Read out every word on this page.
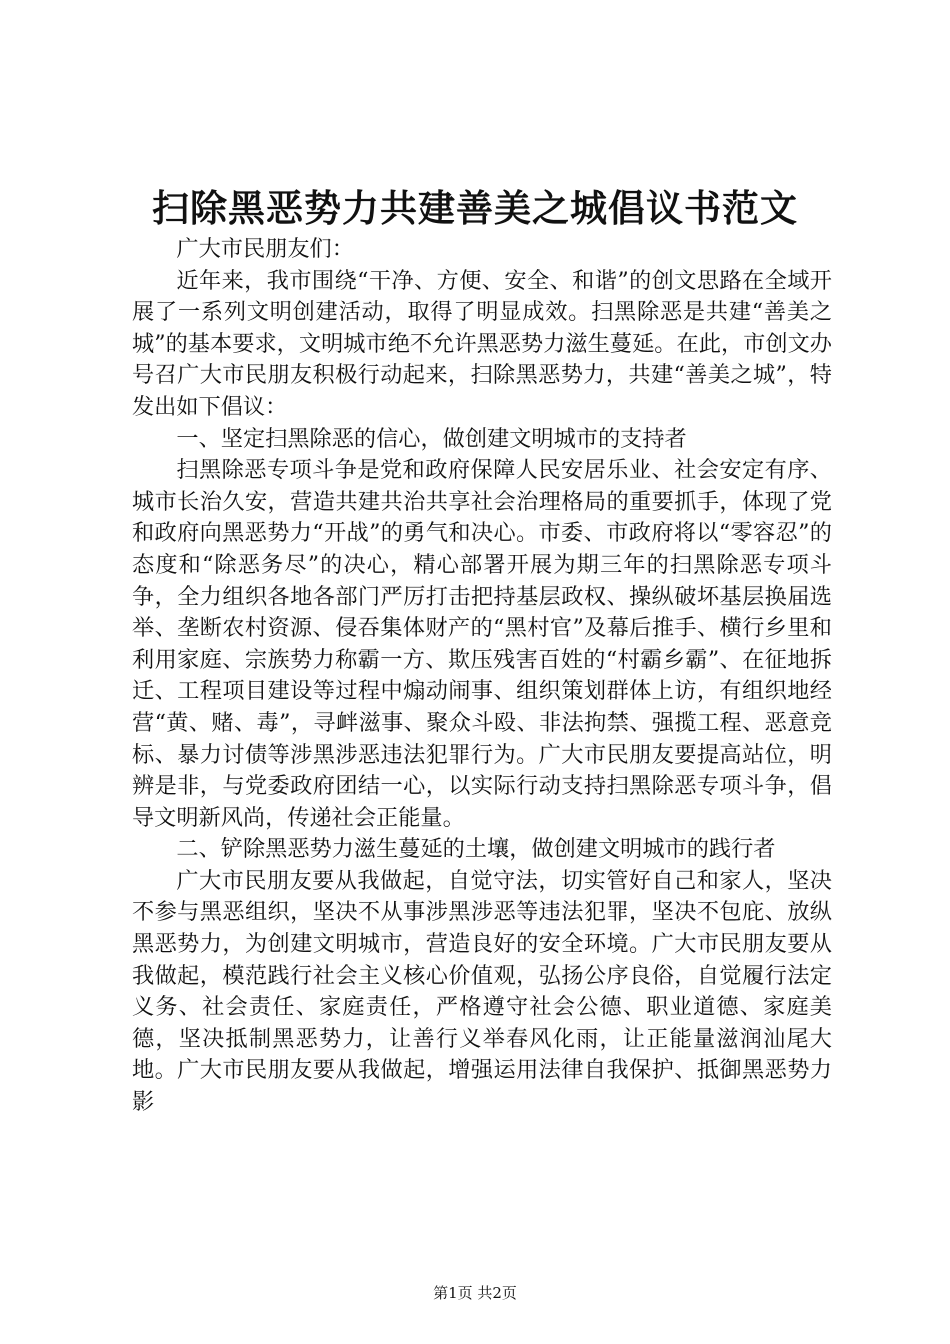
扫除黑恶势力共建善美之城倡议书范文

广大市民朋友们：

近年来，我市围绕“干净、方便、安全、和谐”的创文思路在全域开展了一系列文明创建活动，取得了明显成效。扫黑除恶是共建“善美之城”的基本要求，文明城市绝不允许黑恶势力滋生蔓延。在此，市创文办号召广大市民朋友积极行动起来，扫除黑恶势力，共建“善美之城”，特发出如下倡议：

一、坚定扫黑除恶的信心，做创建文明城市的支持者

扫黑除恶专项斗争是党和政府保障人民安居乐业、社会安定有序、城市长治久安，营造共建共治共享社会治理格局的重要抓手，体现了党和政府向黑恶势力“开战”的勇气和决心。市委、市政府将以“零容忍”的态度和“除恶务尽”的决心，精心部署开展为期三年的扫黑除恶专项斗争，全力组织各地各部门严厉打击把持基层政权、操纵破坏基层换届选举、垄断农村资源、侵吞集体财产的“黑村官”及幕后推手、横行乡里和利用家庭、宗族势力称霸一方、欺压残害百姓的“村霸乡霸”、在征地拆迁、工程项目建设等过程中煽动闹事、组织策划群体上访，有组织地经营“黄、赌、毒”，寻衅滋事、聚众斗殴、非法拘禁、强揽工程、恶意竞标、暴力讨债等涉黑涉恶违法犯罪行为。广大市民朋友要提高站位，明辨是非，与党委政府团结一心，以实际行动支持扫黑除恶专项斗争，倡导文明新风尚，传递社会正能量。

二、铲除黑恶势力滋生蔓延的土壤，做创建文明城市的践行者

广大市民朋友要从我做起，自觉守法，切实管好自己和家人，坚决不参与黑恶组织，坚决不从事涉黑涉恶等违法犯罪，坚决不包庇、放纵黑恶势力，为创建文明城市，营造良好的安全环境。广大市民朋友要从我做起，模范践行社会主义核心价值观，弘扬公序良俗，自觉履行法定义务、社会责任、家庭责任，严格遵守社会公德、职业道德、家庭美德，坚决抵制黑恶势力，让善行义举春风化雨，让正能量滋润汕尾大地。广大市民朋友要从我做起，增强运用法律自我保护、抵御黑恶势力影

第1页 共2页
